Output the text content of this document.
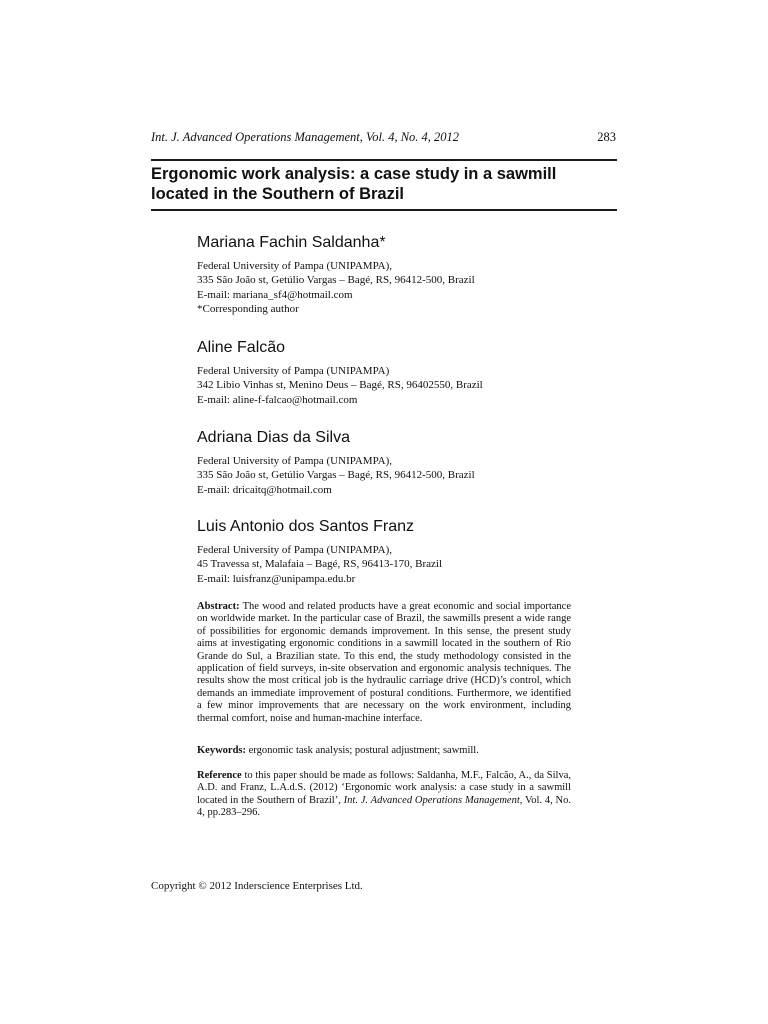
Int. J. Advanced Operations Management, Vol. 4, No. 4, 2012	283
Ergonomic work analysis: a case study in a sawmill
located in the Southern of Brazil
Mariana Fachin Saldanha*
Federal University of Pampa (UNIPAMPA),
335 São João st, Getúlio Vargas – Bagé, RS, 96412-500, Brazil
E-mail: mariana_sf4@hotmail.com
*Corresponding author
Aline Falcão
Federal University of Pampa (UNIPAMPA)
342 Libio Vinhas st, Menino Deus – Bagé, RS, 96402550, Brazil
E-mail: aline-f-falcao@hotmail.com
Adriana Dias da Silva
Federal University of Pampa (UNIPAMPA),
335 São João st, Getúlio Vargas – Bagé, RS, 96412-500, Brazil
E-mail: dricaitq@hotmail.com
Luis Antonio dos Santos Franz
Federal University of Pampa (UNIPAMPA),
45 Travessa st, Malafaia – Bagé, RS, 96413-170, Brazil
E-mail: luisfranz@unipampa.edu.br

Abstract: The wood and related products have a great economic and social importance on worldwide market. In the particular case of Brazil, the sawmills present a wide range of possibilities for ergonomic demands improvement. In this sense, the present study aims at investigating ergonomic conditions in a sawmill located in the southern of Rio Grande do Sul, a Brazilian state. To this end, the study methodology consisted in the application of field surveys, in-site observation and ergonomic analysis techniques. The results show the most critical job is the hydraulic carriage drive (HCD)’s control, which demands an immediate improvement of postural conditions. Furthermore, we identified a few minor improvements that are necessary on the work environment, including thermal comfort, noise and human-machine interface.

Keywords: ergonomic task analysis; postural adjustment; sawmill.

Reference to this paper should be made as follows: Saldanha, M.F., Falcão, A., da Silva, A.D. and Franz, L.A.d.S. (2012) ‘Ergonomic work analysis: a case study in a sawmill located in the Southern of Brazil’, Int. J. Advanced Operations Management, Vol. 4, No. 4, pp.283–296.

Copyright © 2012 Inderscience Enterprises Ltd.
